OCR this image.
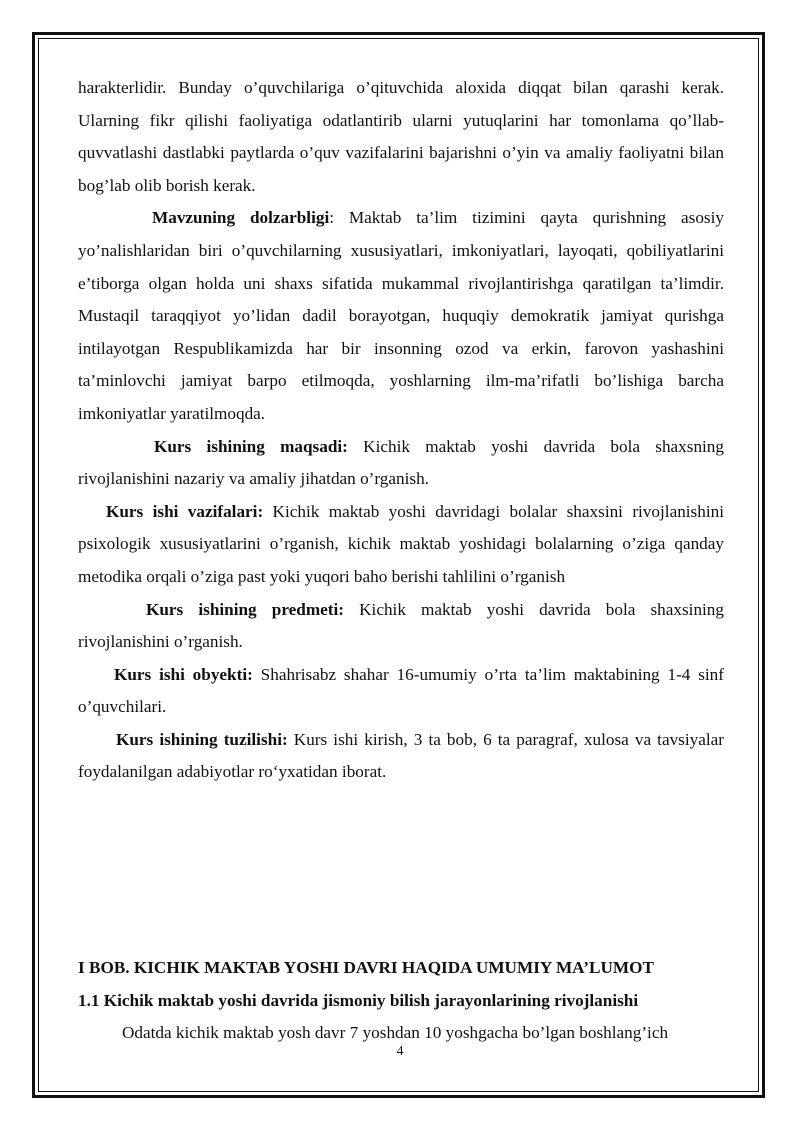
harakterlidir. Bunday o’quvchilariga o’qituvchida aloxida diqqat bilan qarashi kerak. Ularning fikr qilishi faoliyatiga odatlantirib ularni yutuqlarini har tomonlama qo’llab-quvvatlashi dastlabki paytlarda o’quv vazifalarini bajarishni o’yin va amaliy faoliyatni bilan bog’lab olib borish kerak.

Mavzuning dolzarbligi: Maktab ta’lim tizimini qayta qurishning asosiy yo’nalishlaridan biri o’quvchilarning xususiyatlari, imkoniyatlari, layoqati, qobiliyatlarini e’tiborga olgan holda uni shaxs sifatida mukammal rivojlantirishga qaratilgan ta’limdir. Mustaqil taraqqiyot yo’lidan dadil borayotgan, huquqiy demokratik jamiyat qurishga intilayotgan Respublikamizda har bir insonning ozod va erkin, farovon yashashini ta’minlovchi jamiyat barpo etilmoqda, yoshlarning ilm-ma’rifatli bo’lishiga barcha imkoniyatlar yaratilmoqda.

Kurs ishining maqsadi: Kichik maktab yoshi davrida bola shaxsning rivojlanishini nazariy va amaliy jihatdan o’rganish.

Kurs ishi vazifalari: Kichik maktab yoshi davridagi bolalar shaxsini rivojlanishini psixologik xususiyatlarini o’rganish, kichik maktab yoshidagi bolalarning o’ziga qanday metodika orqali o’ziga past yoki yuqori baho berishi tahlilini o’rganish

Kurs ishining predmeti: Kichik maktab yoshi davrida bola shaxsining rivojlanishini o’rganish.

Kurs ishi obyekti: Shahrisabz shahar 16-umumiy o’rta ta’lim maktabining 1-4 sinf o’quvchilari.

Kurs ishining tuzilishi: Kurs ishi kirish, 3 ta bob, 6 ta paragraf, xulosa va tavsiyalar foydalanilgan adabiyotlar ro‘yxatidan iborat.

I BOB. KICHIK MAKTAB YOSHI DAVRI HAQIDA UMUMIY MA’LUMOT

1.1 Kichik maktab yoshi davrida jismoniy bilish jarayonlarining rivojlanishi

Odatda kichik maktab yosh davr 7 yoshdan 10 yoshgacha bo’lgan boshlang’ich

4
